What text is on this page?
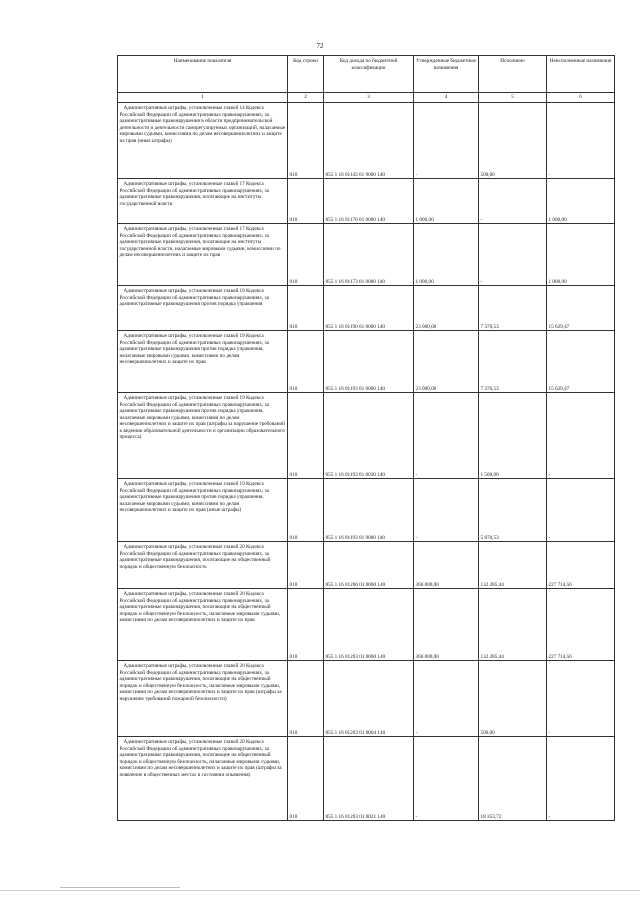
72
Наименование показателя	Код строки	Код дохода по бюджетной классификации	Утвержденные бюджетные назначения	Исполнено	Неисполненные назначения
1	2	3	4	5	6

Административные штрафы, установленные главой 14 Кодекса Российской Федерации об административных правонарушениях, за административные правонарушения в области предпринимательской деятельности и деятельности саморегулируемых организаций, налагаемые мировыми судьями, комиссиями по делам несовершеннолетних и защите их прав (иные штрафы)	010	855 1 16 01143 01 9000 140	-	500,00	-

Административные штрафы, установленные главой 17 Кодекса Российской Федерации об административных правонарушениях, за административные правонарушения, посягающие на институты государственной власти	010	855 1 16 01170 01 0000 140	1 000,00	-	1 000,00

Административные штрафы, установленные главой 17 Кодекса Российской Федерации об административных правонарушениях, за административные правонарушения, посягающие на институты государственной власти, налагаемые мировыми судьями, комиссиями по делам несовершеннолетних и защите их прав	010	855 1 16 01173 01 0000 140	1 000,00	-	1 000,00

Административные штрафы, установленные главой 19 Кодекса Российской Федерации об административных правонарушениях, за административные правонарушения против порядка управления	010	855 1 16 01190 01 0000 140	23 000,00	7 370,53	15 629,47

Административные штрафы, установленные главой 19 Кодекса Российской Федерации об административных правонарушениях, за административные правонарушения против порядка управления, налагаемые мировыми судьями, комиссиями по делам несовершеннолетних и защите их прав	010	855 1 16 01193 01 0000 140	23 000,00	7 370,53	15 629,47

Административные штрафы, установленные главой 19 Кодекса Российской Федерации об административных правонарушениях, за административные правонарушения против порядка управления, налагаемые мировыми судьями, комиссиями по делам несовершеннолетних и защите их прав (штрафы за нарушение требований к ведению образовательной деятельности и организации образовательного процесса)	010	855 1 16 01193 01 0030 140	-	1 500,00	-

Административные штрафы, установленные главой 19 Кодекса Российской Федерации об административных правонарушениях, за административные правонарушения против порядка управления, налагаемые мировыми судьями, комиссиями по делам несовершеннолетних и защите их прав (иные штрафы)	010	855 1 16 01193 01 9000 140	-	5 870,53	-

Административные штрафы, установленные главой 20 Кодекса Российской Федерации об административных правонарушениях, за административные правонарушения, посягающие на общественный порядок и общественную безопасность	010	855 1 16 01200 01 0000 140	360 000,00	132 285,44	227 714,56

Административные штрафы, установленные главой 20 Кодекса Российской Федерации об административных правонарушениях, за административные правонарушения, посягающие на общественный порядок и общественную безопасность, налагаемые мировыми судьями, комиссиями по делам несовершеннолетних и защите их прав	010	855 1 16 01203 01 0000 140	360 000,00	132 285,44	227 714,56

Административные штрафы, установленные главой 20 Кодекса Российской Федерации об административных правонарушениях, за административные правонарушения, посягающие на общественный порядок и общественную безопасность, налагаемые мировыми судьями, комиссиями по делам несовершеннолетних и защите их прав (штрафы за нарушение требований пожарной безопасности)	010	855 1 16 01203 01 0004 140	-	500,00	-

Административные штрафы, установленные главой 20 Кодекса Российской Федерации об административных правонарушениях, за административные правонарушения, посягающие на общественный порядок и общественную безопасность, налагаемые мировыми судьями, комиссиями по делам несовершеннолетних и защите их прав (штрафы за появление в общественных местах в состоянии опьянения)	010	855 1 16 01203 01 0021 140	-	18 353,72	-
